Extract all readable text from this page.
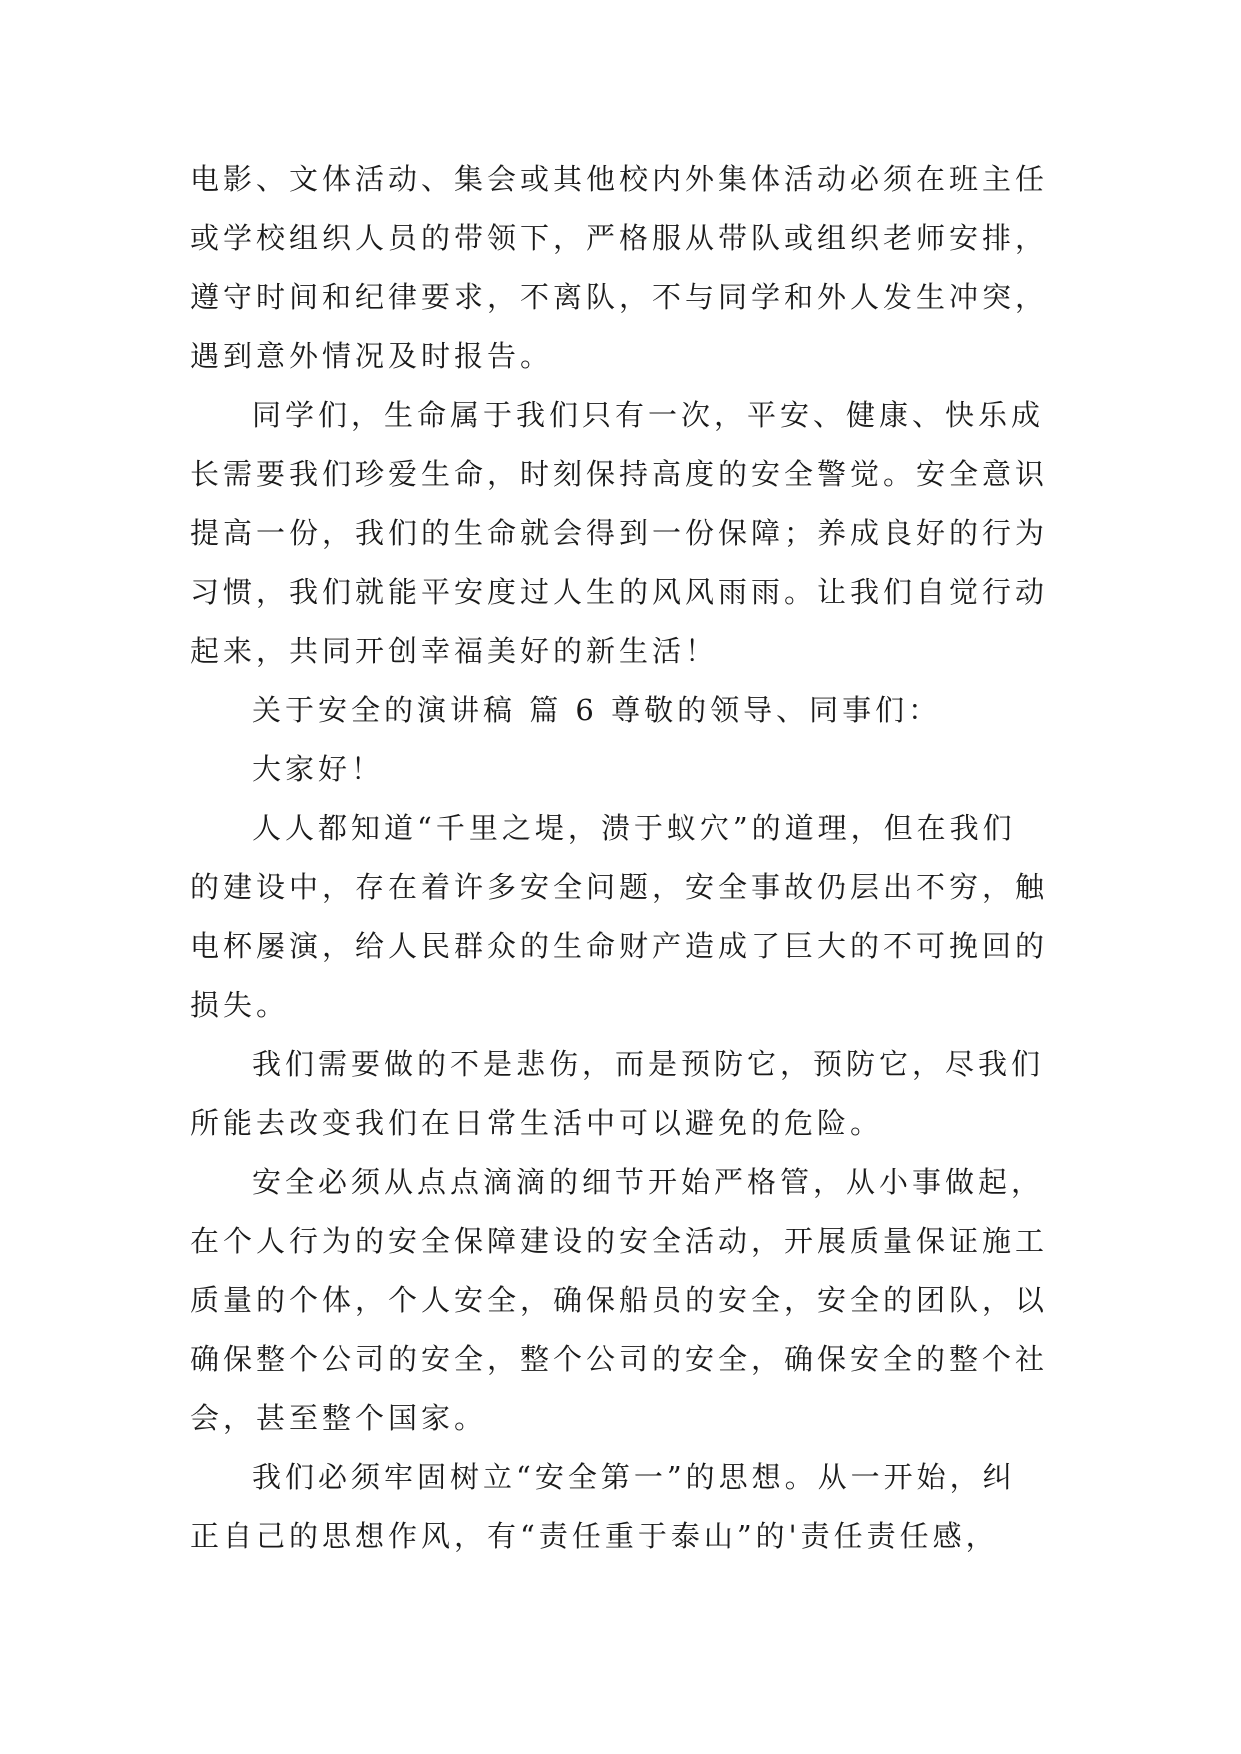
电影、文体活动、集会或其他校内外集体活动必须在班主任

或学校组织人员的带领下，严格服从带队或组织老师安排，

遵守时间和纪律要求，不离队，不与同学和外人发生冲突，

遇到意外情况及时报告。

同学们，生命属于我们只有一次，平安、健康、快乐成

长需要我们珍爱生命，时刻保持高度的安全警觉。安全意识

提高一份，我们的生命就会得到一份保障；养成良好的行为

习惯，我们就能平安度过人生的风风雨雨。让我们自觉行动

起来，共同开创幸福美好的新生活！

关于安全的演讲稿 篇 6 尊敬的领导、同事们：

大家好！

人人都知道“千里之堤，溃于蚁穴”的道理，但在我们

的建设中，存在着许多安全问题，安全事故仍层出不穷，触

电杯屡演，给人民群众的生命财产造成了巨大的不可挽回的

损失。

我们需要做的不是悲伤，而是预防它，预防它，尽我们

所能去改变我们在日常生活中可以避免的危险。

安全必须从点点滴滴的细节开始严格管，从小事做起，

在个人行为的安全保障建设的安全活动，开展质量保证施工

质量的个体，个人安全，确保船员的安全，安全的团队，以

确保整个公司的安全，整个公司的安全，确保安全的整个社

会，甚至整个国家。

我们必须牢固树立“安全第一”的思想。从一开始，纠

正自己的思想作风，有“责任重于泰山”的'责任责任感，
